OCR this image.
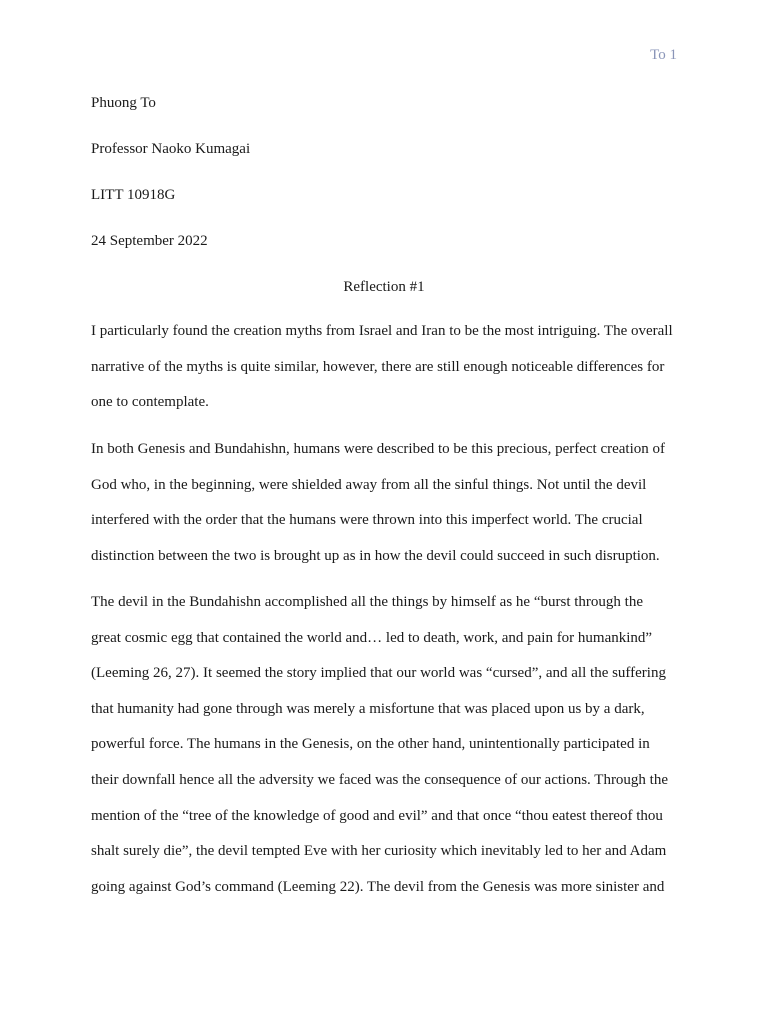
To 1
Phuong To
Professor Naoko Kumagai
LITT 10918G
24 September 2022
Reflection #1

I particularly found the creation myths from Israel and Iran to be the most intriguing. The overall
narrative of the myths is quite similar, however, there are still enough noticeable differences for
one to contemplate.

In both Genesis and Bundahishn, humans were described to be this precious, perfect creation of
God who, in the beginning, were shielded away from all the sinful things. Not until the devil
interfered with the order that the humans were thrown into this imperfect world. The crucial
distinction between the two is brought up as in how the devil could succeed in such disruption.

The devil in the Bundahishn accomplished all the things by himself as he “burst through the
great cosmic egg that contained the world and… led to death, work, and pain for humankind”
(Leeming 26, 27). It seemed the story implied that our world was “cursed”, and all the suffering
that humanity had gone through was merely a misfortune that was placed upon us by a dark,
powerful force. The humans in the Genesis, on the other hand, unintentionally participated in
their downfall hence all the adversity we faced was the consequence of our actions. Through the
mention of the “tree of the knowledge of good and evil” and that once “thou eatest thereof thou
shalt surely die”, the devil tempted Eve with her curiosity which inevitably led to her and Adam
going against God’s command (Leeming 22). The devil from the Genesis was more sinister and
